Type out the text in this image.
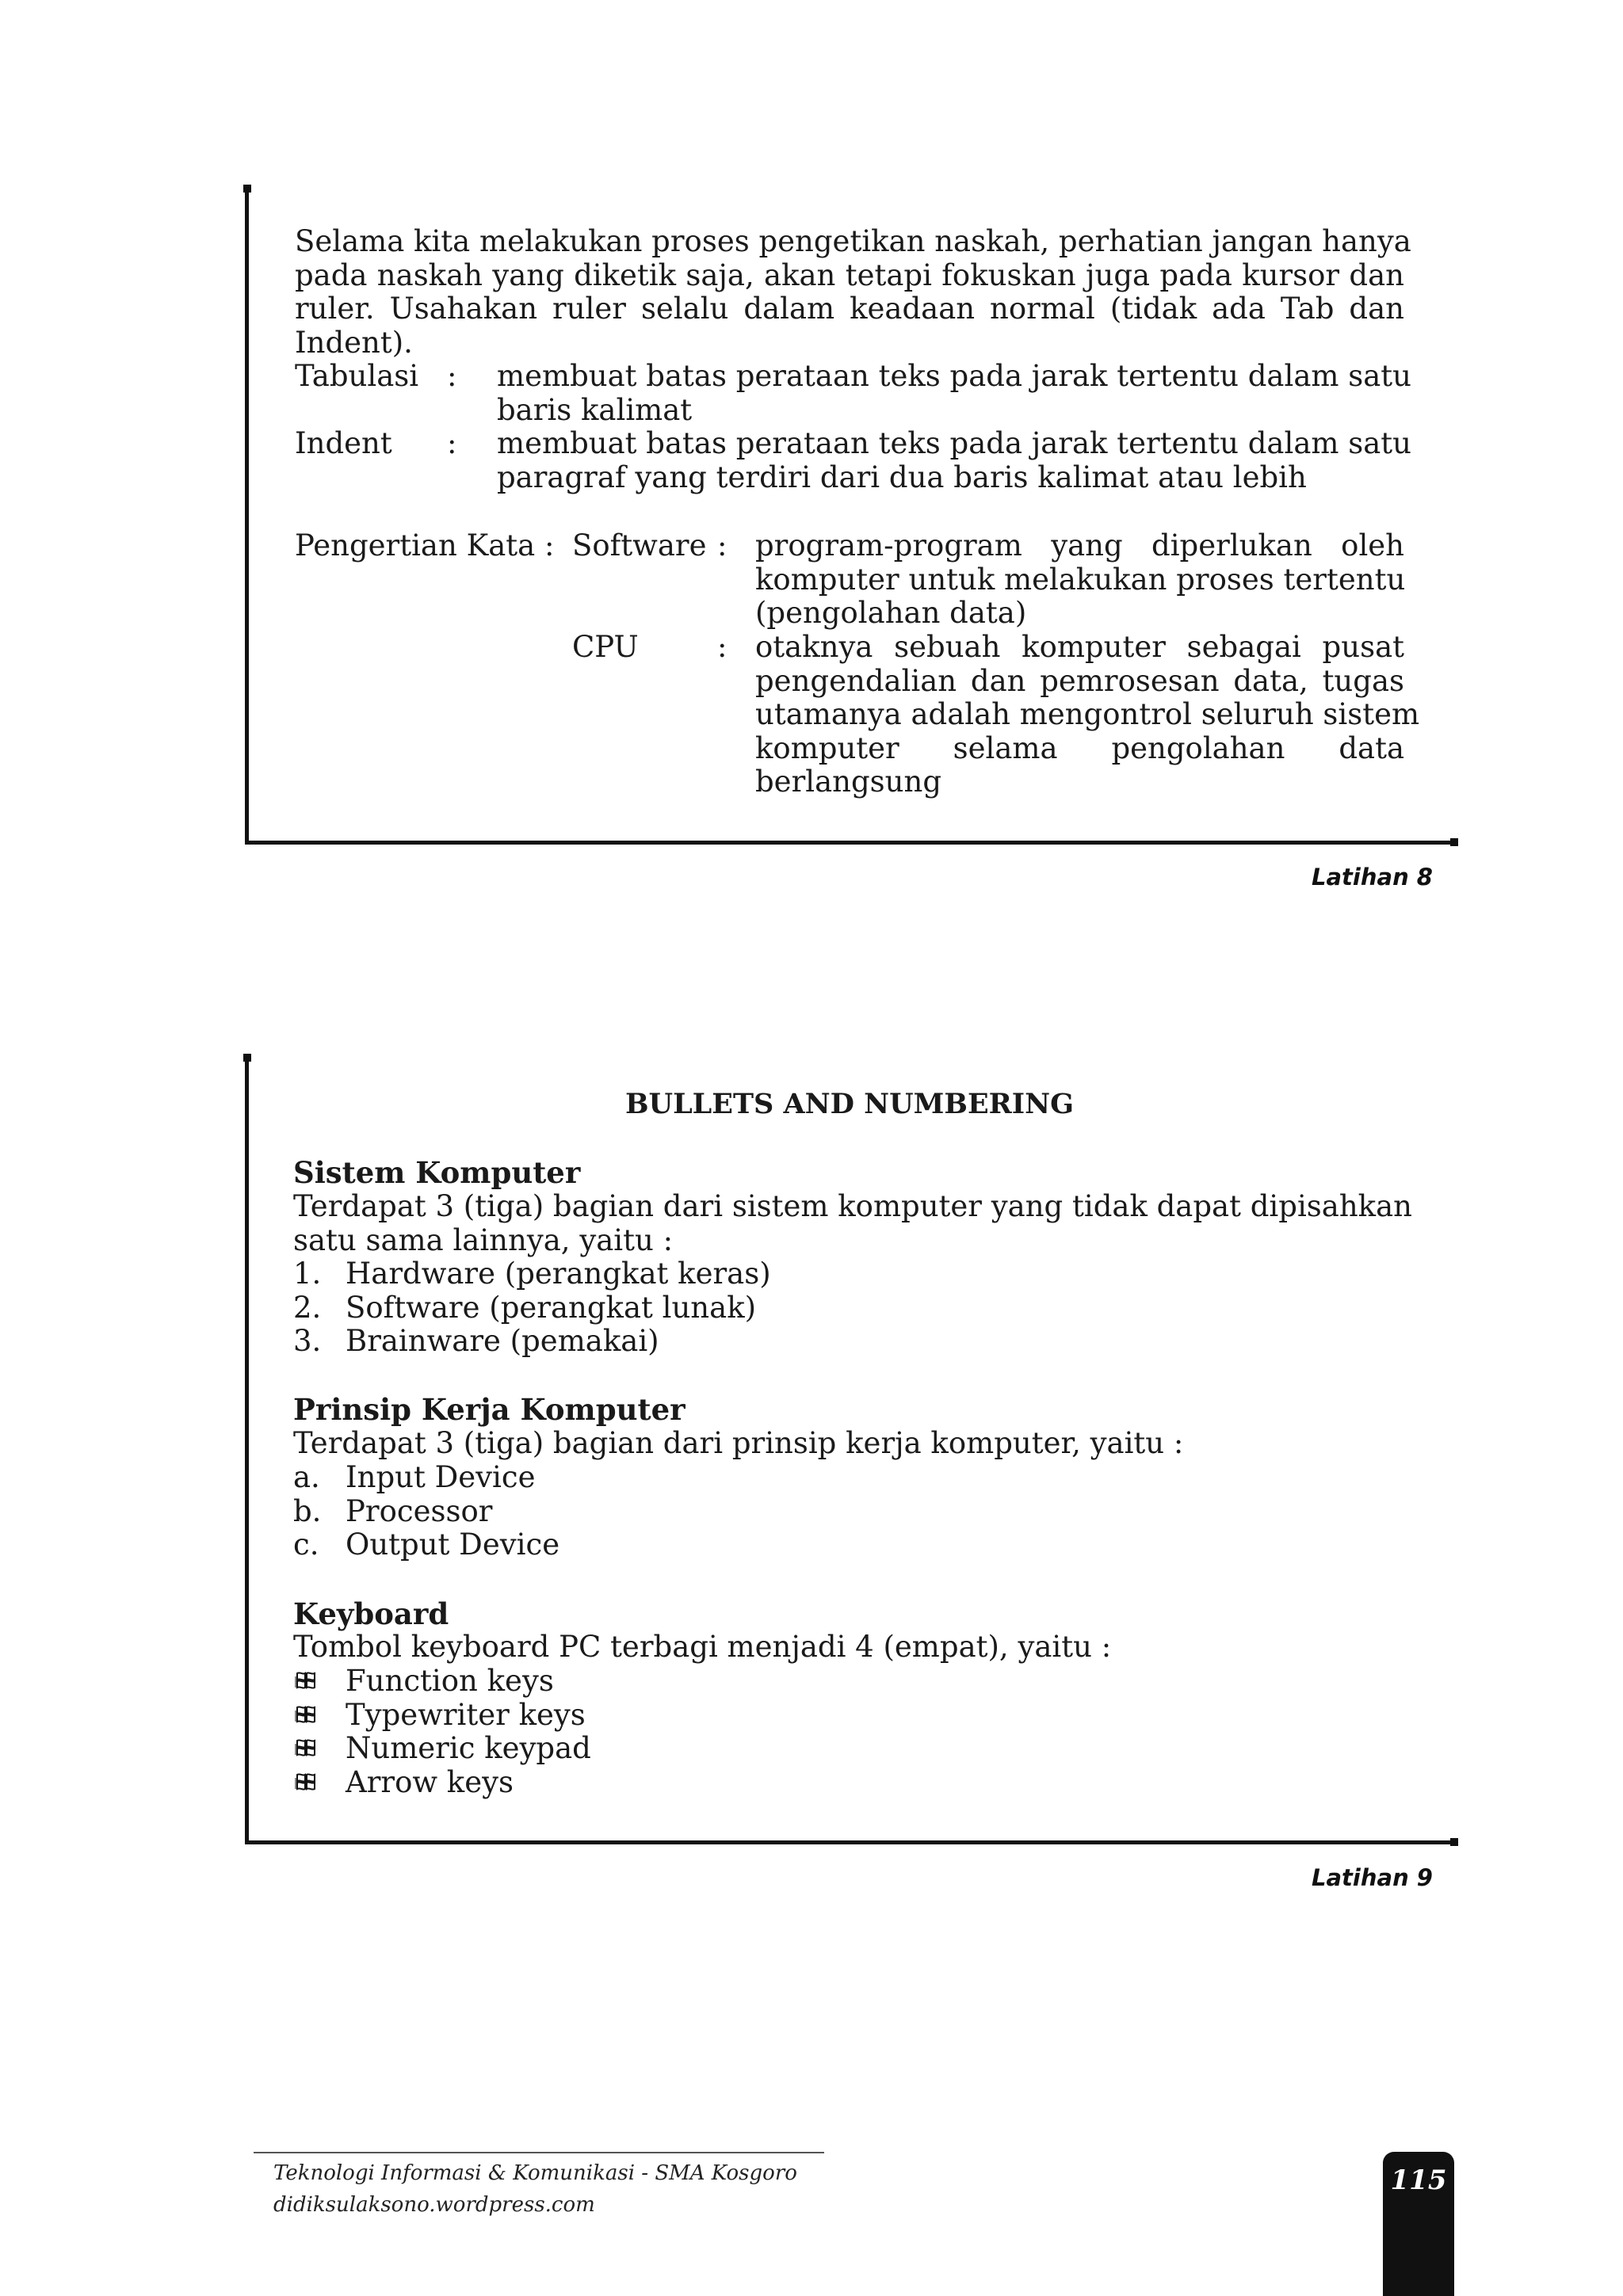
Selama kita melakukan proses pengetikan naskah, perhatian jangan hanya
pada naskah yang diketik saja, akan tetapi fokuskan juga pada kursor dan
ruler. Usahakan ruler selalu dalam keadaan normal (tidak ada Tab dan
Indent).
Tabulasi : membuat batas perataan teks pada jarak tertentu dalam satu
baris kalimat
Indent : membuat batas perataan teks pada jarak tertentu dalam satu
paragraf yang terdiri dari dua baris kalimat atau lebih
Pengertian Kata : Software : program-program yang diperlukan oleh
komputer untuk melakukan proses tertentu
(pengolahan data)
CPU	: otaknya sebuah komputer sebagai pusat
pengendalian dan pemrosesan data, tugas
utamanya adalah mengontrol seluruh sistem
komputer selama pengolahan data
berlangsung
Latihan 8
BULLETS AND NUMBERING
Sistem Komputer
Terdapat 3 (tiga) bagian dari sistem komputer yang tidak dapat dipisahkan
satu sama lainnya, yaitu :
1. Hardware (perangkat keras)
2. Software (perangkat lunak)
3. Brainware (pemakai)
Prinsip Kerja Komputer
Terdapat 3 (tiga) bagian dari prinsip kerja komputer, yaitu :
a. Input Device
b. Processor
c. Output Device
Keyboard
Tombol keyboard PC terbagi menjadi 4 (empat), yaitu :
Function keys
Typewriter keys
Numeric keypad
Arrow keys
Latihan 9
Teknologi Informasi & Komunikasi - SMA Kosgoro
didiksulaksono.wordpress.com
115
